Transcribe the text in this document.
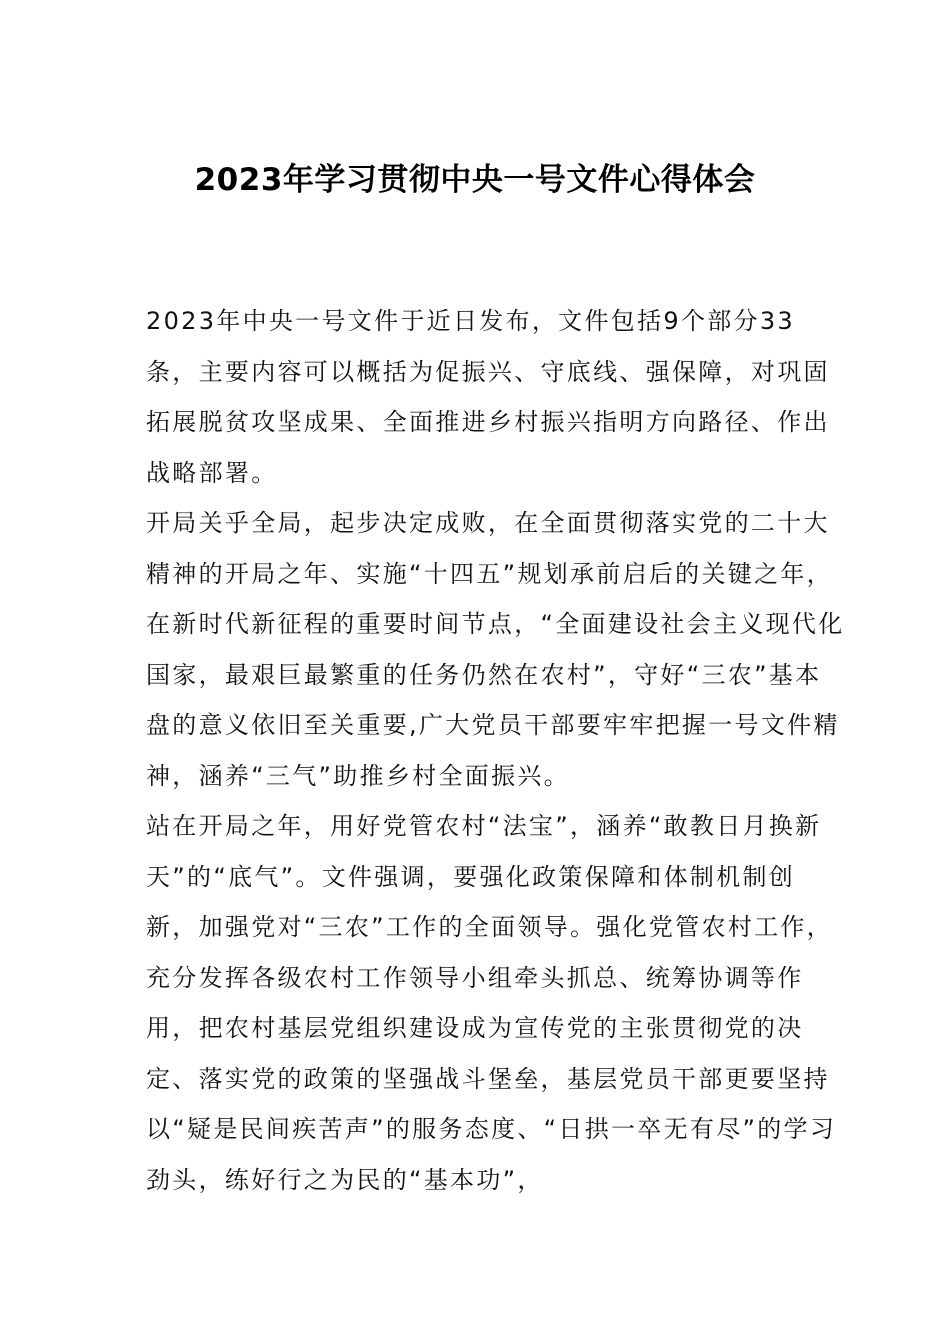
2023年学习贯彻中央一号文件心得体会

2023年中央一号文件于近日发布，文件包括9个部分33条，主要内容可以概括为促振兴、守底线、强保障，对巩固拓展脱贫攻坚成果、全面推进乡村振兴指明方向路径、作出战略部署。

开局关乎全局，起步决定成败，在全面贯彻落实党的二十大精神的开局之年、实施“十四五”规划承前启后的关键之年，在新时代新征程的重要时间节点，“全面建设社会主义现代化国家，最艰巨最繁重的任务仍然在农村”，守好“三农”基本盘的意义依旧至关重要,广大党员干部要牢牢把握一号文件精神，涵养“三气”助推乡村全面振兴。

站在开局之年，用好党管农村“法宝”，涵养“敢教日月换新天”的“底气”。文件强调，要强化政策保障和体制机制创新，加强党对“三农”工作的全面领导。强化党管农村工作，充分发挥各级农村工作领导小组牵头抓总、统筹协调等作用，把农村基层党组织建设成为宣传党的主张贯彻党的决定、落实党的政策的坚强战斗堡垒，基层党员干部更要坚持以“疑是民间疾苦声”的服务态度、“日拱一卒无有尽”的学习劲头，练好行之为民的“基本功”，
